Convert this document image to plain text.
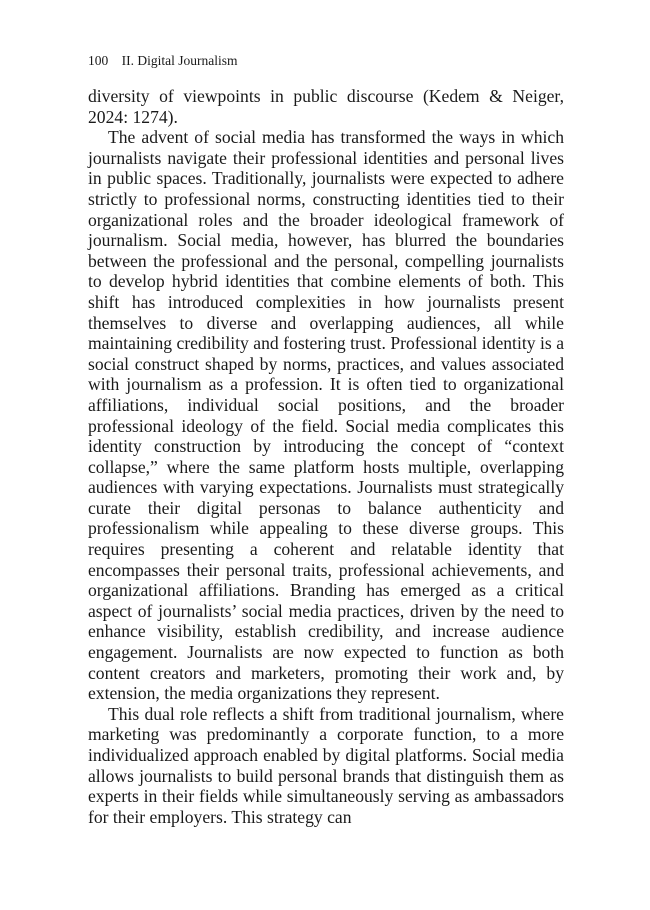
100 II. Digital Journalism

diversity of viewpoints in public discourse (Kedem & Neiger, 2024: 1274).

The advent of social media has transformed the ways in which journalists navigate their professional identities and personal lives in public spaces. Traditionally, journalists were expected to adhere strictly to professional norms, constructing identities tied to their organizational roles and the broader ideological framework of journalism. Social media, however, has blurred the boundaries between the professional and the personal, compelling journalists to develop hybrid identities that combine elements of both. This shift has introduced complexities in how journalists present themselves to diverse and overlapping audiences, all while maintaining credibility and fostering trust. Professional identity is a social construct shaped by norms, practices, and values associated with journalism as a profession. It is often tied to organizational affiliations, individual social positions, and the broader professional ideology of the field. Social media complicates this identity construction by introducing the concept of “context collapse,” where the same platform hosts multiple, overlapping audiences with varying expectations. Journalists must strategically curate their digital personas to balance authenticity and professionalism while appealing to these diverse groups. This requires presenting a coherent and relatable identity that encompasses their personal traits, professional achievements, and organizational affiliations. Branding has emerged as a critical aspect of journalists’ social media practices, driven by the need to enhance visibility, establish credibility, and increase audience engagement. Journalists are now expected to function as both content creators and marketers, promoting their work and, by extension, the media organizations they represent.

This dual role reflects a shift from traditional journalism, where marketing was predominantly a corporate function, to a more individualized approach enabled by digital platforms. Social media allows journalists to build personal brands that distinguish them as experts in their fields while simultaneously serving as ambassadors for their employers. This strategy can
